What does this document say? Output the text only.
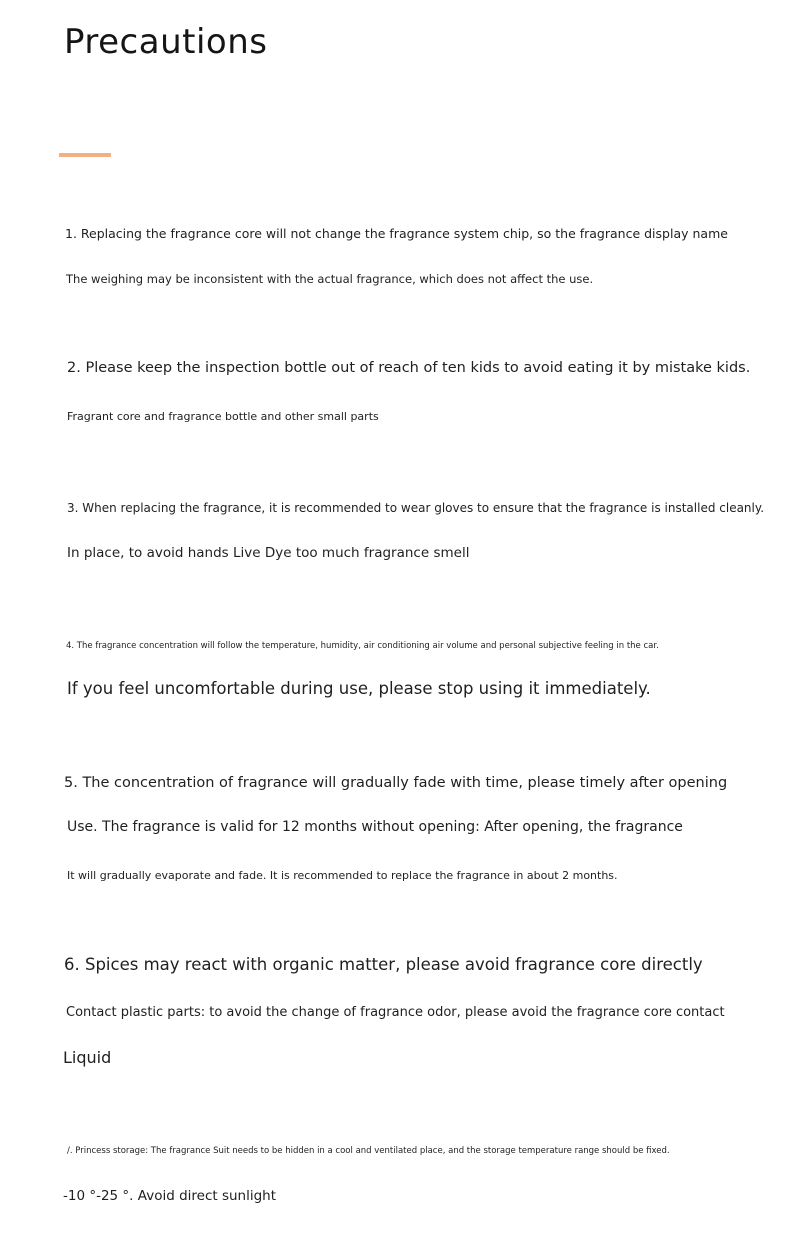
Precautions

1. Replacing the fragrance core will not change the fragrance system chip, so the fragrance display name

The weighing may be inconsistent with the actual fragrance, which does not affect the use.

2. Please keep the inspection bottle out of reach of ten kids to avoid eating it by mistake kids.

Fragrant core and fragrance bottle and other small parts

3. When replacing the fragrance, it is recommended to wear gloves to ensure that the fragrance is installed cleanly.

In place, to avoid hands Live Dye too much fragrance smell

4. The fragrance concentration will follow the temperature, humidity, air conditioning air volume and personal subjective feeling in the car.

If you feel uncomfortable during use, please stop using it immediately.

5. The concentration of fragrance will gradually fade with time, please timely after opening

Use. The fragrance is valid for 12 months without opening: After opening, the fragrance

It will gradually evaporate and fade. It is recommended to replace the fragrance in about 2 months.

6. Spices may react with organic matter, please avoid fragrance core directly

Contact plastic parts: to avoid the change of fragrance odor, please avoid the fragrance core contact

Liquid

/. Princess storage: The fragrance Suit needs to be hidden in a cool and ventilated place, and the storage temperature range should be fixed.

-10 °-25 °. Avoid direct sunlight
